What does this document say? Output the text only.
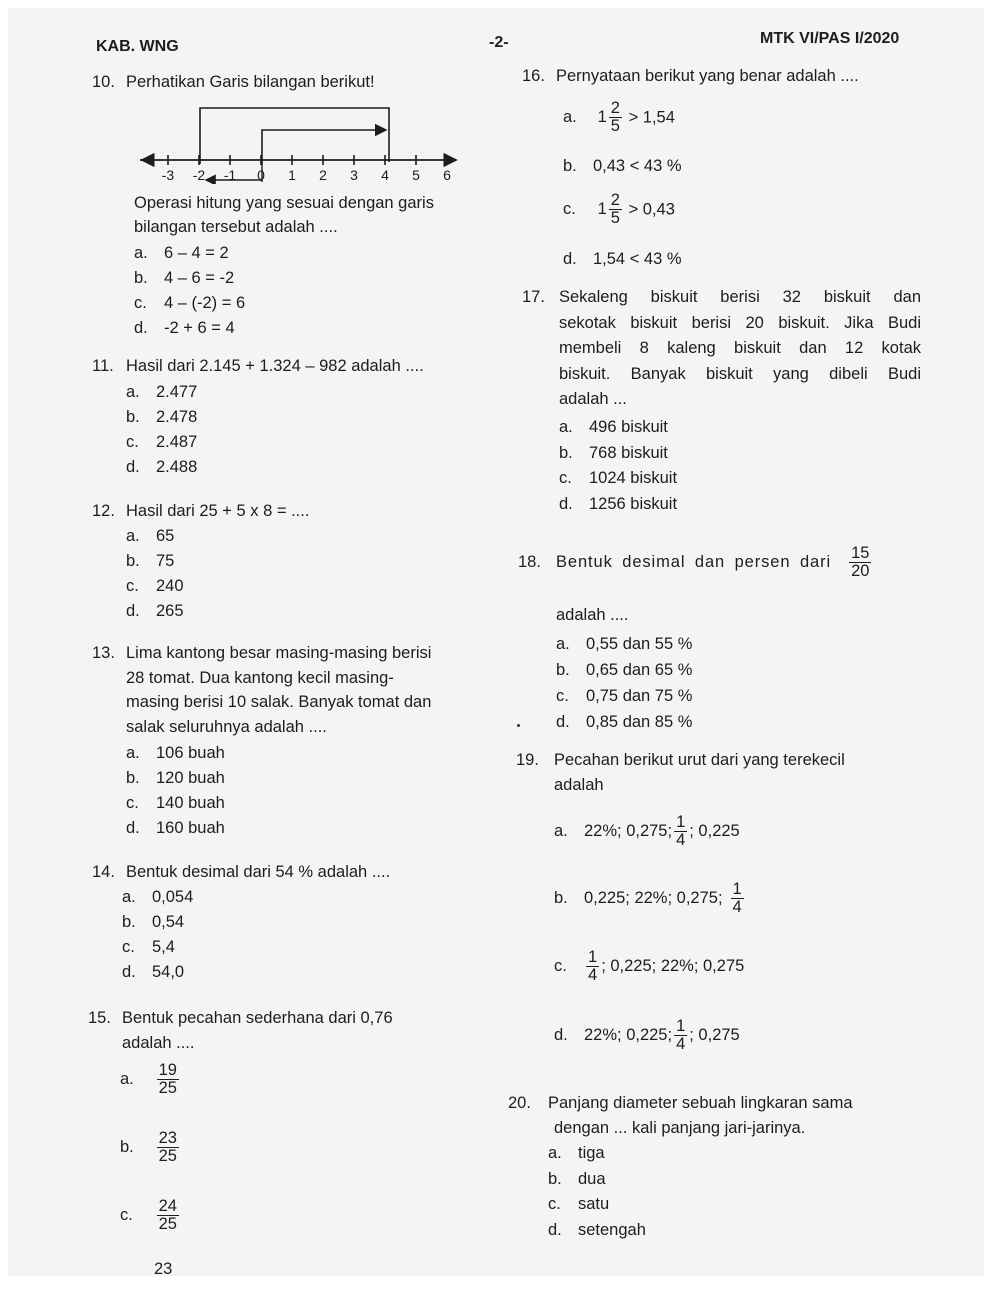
KAB. WNG	-2-	MTK VI/PAS I/2020
10. Perhatikan Garis bilangan berikut!
-3 -2 -1 0 1 2 3 4 5 6
Operasi hitung yang sesuai dengan garis
bilangan tersebut adalah ....
a. 6 – 4 = 2
b. 4 – 6 = -2
c. 4 – (-2) = 6
d. -2 + 6 = 4
11. Hasil dari 2.145 + 1.324 – 982 adalah ....
a. 2.477
b. 2.478
c. 2.487
d. 2.488
12. Hasil dari 25 + 5 x 8 = ....
a. 65
b. 75
c. 240
d. 265
13. Lima kantong besar masing-masing berisi
28 tomat. Dua kantong kecil masing-
masing berisi 10 salak. Banyak tomat dan
salak seluruhnya adalah ....
a. 106 buah
b. 120 buah
c. 140 buah
d. 160 buah
14. Bentuk desimal dari 54 % adalah ....
a. 0,054
b. 0,54
c. 5,4
d. 54,0
15. Bentuk pecahan sederhana dari 0,76
adalah ....
a. $\frac{19}{25}$
b. $\frac{23}{25}$
c. $\frac{24}{25}$
23
16. Pernyataan berikut yang benar adalah ....
a. $1 \frac{2}{5} > 1,54$
b. 0,43 < 43 %
c. $1 \frac{2}{5} > 0,43$
d. 1,54 < 43 %
17. Sekaleng biskuit berisi 32 biskuit dan
sekotak biskuit berisi 20 biskuit. Jika Budi
membeli 8 kaleng biskuit dan 12 kotak
biskuit. Banyak biskuit yang dibeli Budi
adalah ...
a. 496 biskuit
b. 768 biskuit
c. 1024 biskuit
d. 1256 biskuit
18. Bentuk desimal dan persen dari $\frac{15}{20}$
adalah ....
a. 0,55 dan 55 %
b. 0,65 dan 65 %
c. 0,75 dan 75 %
d. 0,85 dan 85 %
19. Pecahan berikut urut dari yang terekecil
adalah
a. 22%; 0,275; $\frac{1}{4}$ ; 0,225
b. 0,225; 22%; 0,275; $\frac{1}{4}$
c.	$\frac{1}{4}$ ; 0,225; 22%; 0,275
d. 22%; 0,225; $\frac{1}{4}$ ; 0,275
20.	Panjang diameter sebuah lingkaran sama
dengan ... kali panjang jari-jarinya.
a. tiga
b. dua
c. satu
d. setengah
